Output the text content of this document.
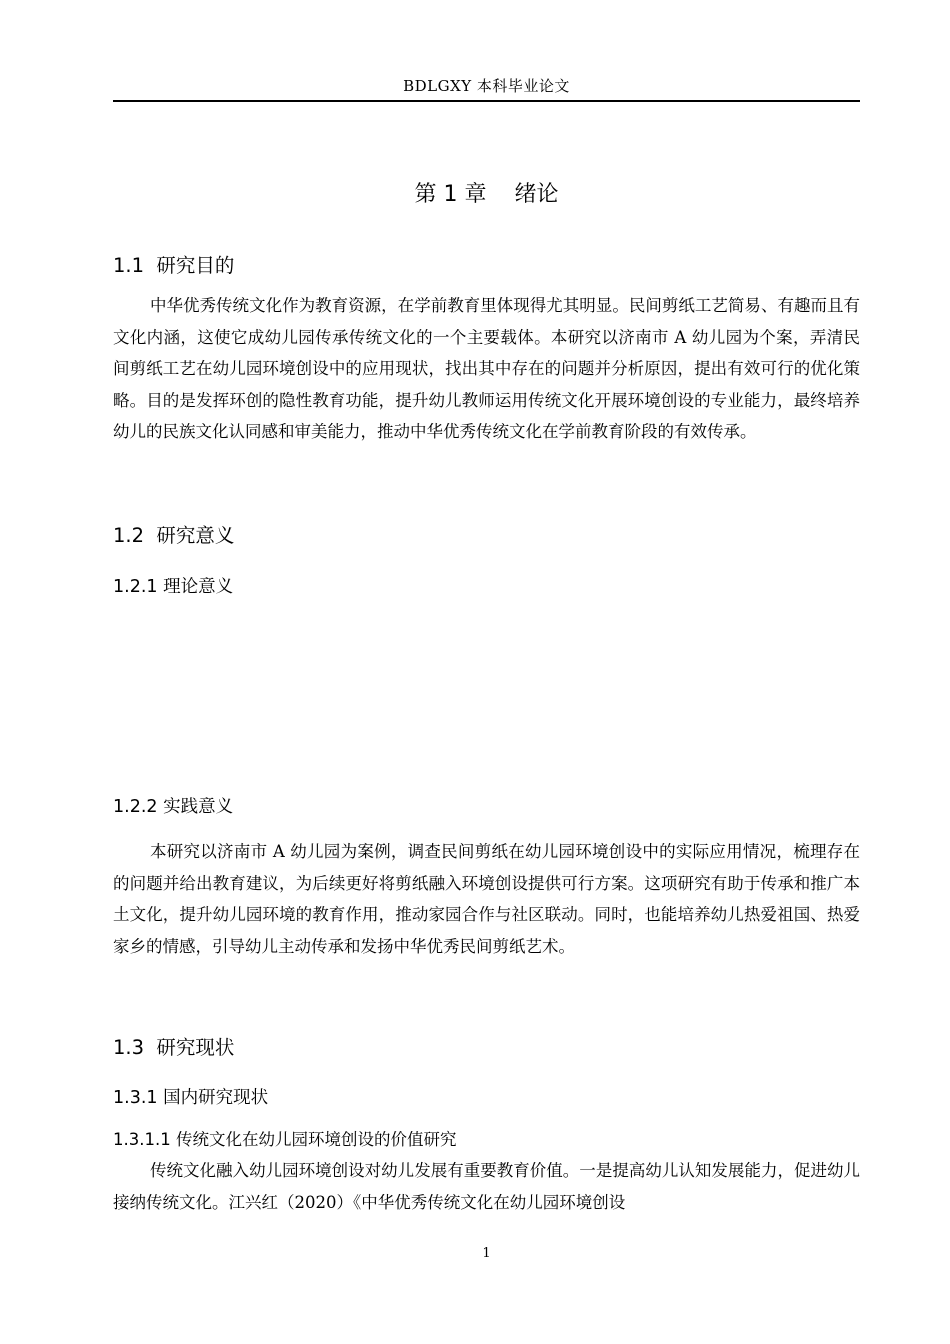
BDLGXY 本科毕业论文
第 1 章    绪论
1.1  研究目的

中华优秀传统文化作为教育资源，在学前教育里体现得尤其明显。民间剪纸工艺简易、有趣而且有文化内涵，这使它成幼儿园传承传统文化的一个主要载体。本研究以济南市 A 幼儿园为个案，弄清民间剪纸工艺在幼儿园环境创设中的应用现状，找出其中存在的问题并分析原因，提出有效可行的优化策略。目的是发挥环创的隐性教育功能，提升幼儿教师运用传统文化开展环境创设的专业能力，最终培养幼儿的民族文化认同感和审美能力，推动中华优秀传统文化在学前教育阶段的有效传承。

1.2  研究意义
1.2.1 理论意义
1.2.2 实践意义

本研究以济南市 A 幼儿园为案例，调查民间剪纸在幼儿园环境创设中的实际应用情况，梳理存在的问题并给出教育建议，为后续更好将剪纸融入环境创设提供可行方案。这项研究有助于传承和推广本土文化，提升幼儿园环境的教育作用，推动家园合作与社区联动。同时，也能培养幼儿热爱祖国、热爱家乡的情感，引导幼儿主动传承和发扬中华优秀民间剪纸艺术。

1.3  研究现状
1.3.1 国内研究现状
1.3.1.1 传统文化在幼儿园环境创设的价值研究

传统文化融入幼儿园环境创设对幼儿发展有重要教育价值。一是提高幼儿认知发展能力，促进幼儿接纳传统文化。江兴红（2020）《中华优秀传统文化在幼儿园环境创设

1
